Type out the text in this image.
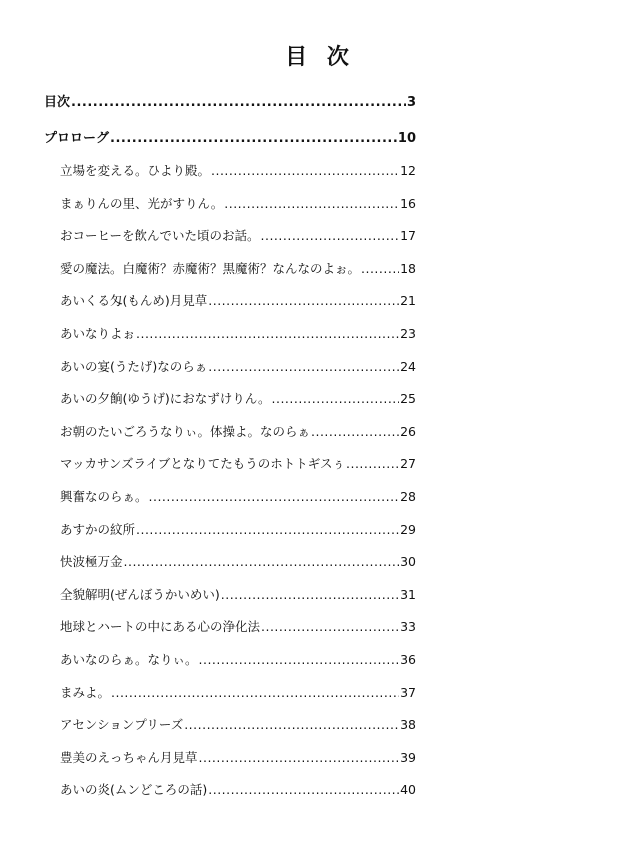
目 次
目次 .....	3
プロローグ .....	10
立場を変える。ひより殿。 .....	12
まぁりんの里、光がすりん。 .....	16
おコーヒーを飲んでいた頃のお話。 .....	17
愛の魔法。白魔術？赤魔術？黒魔術？なんなのよぉ。 .....	18
あいくる匁(もんめ)月見草 .....	21
あいなりよぉ .....	23
あいの宴(うたげ)なのらぁ .....	24
あいの夕餉(ゆうげ)におなずけりん。 .....	25
お朝のたいごろうなりぃ。体操よ。なのらぁ .....	26
マッカサンズライブとなりてたもうのホトトギスぅ .....	27
興奮なのらぁ。 .....	28
あすかの紋所 .....	29
快波極万金 .....	30
全貌解明(ぜんぼうかいめい) .....	31
地球とハートの中にある心の浄化法 .....	33
あいなのらぁ。なりぃ。 .....	36
まみよ。 .....	37
アセンションプリーズ .....	38
豊美のえっちゃん月見草 .....	39
あいの炎(ムンどころの話) .....	40
